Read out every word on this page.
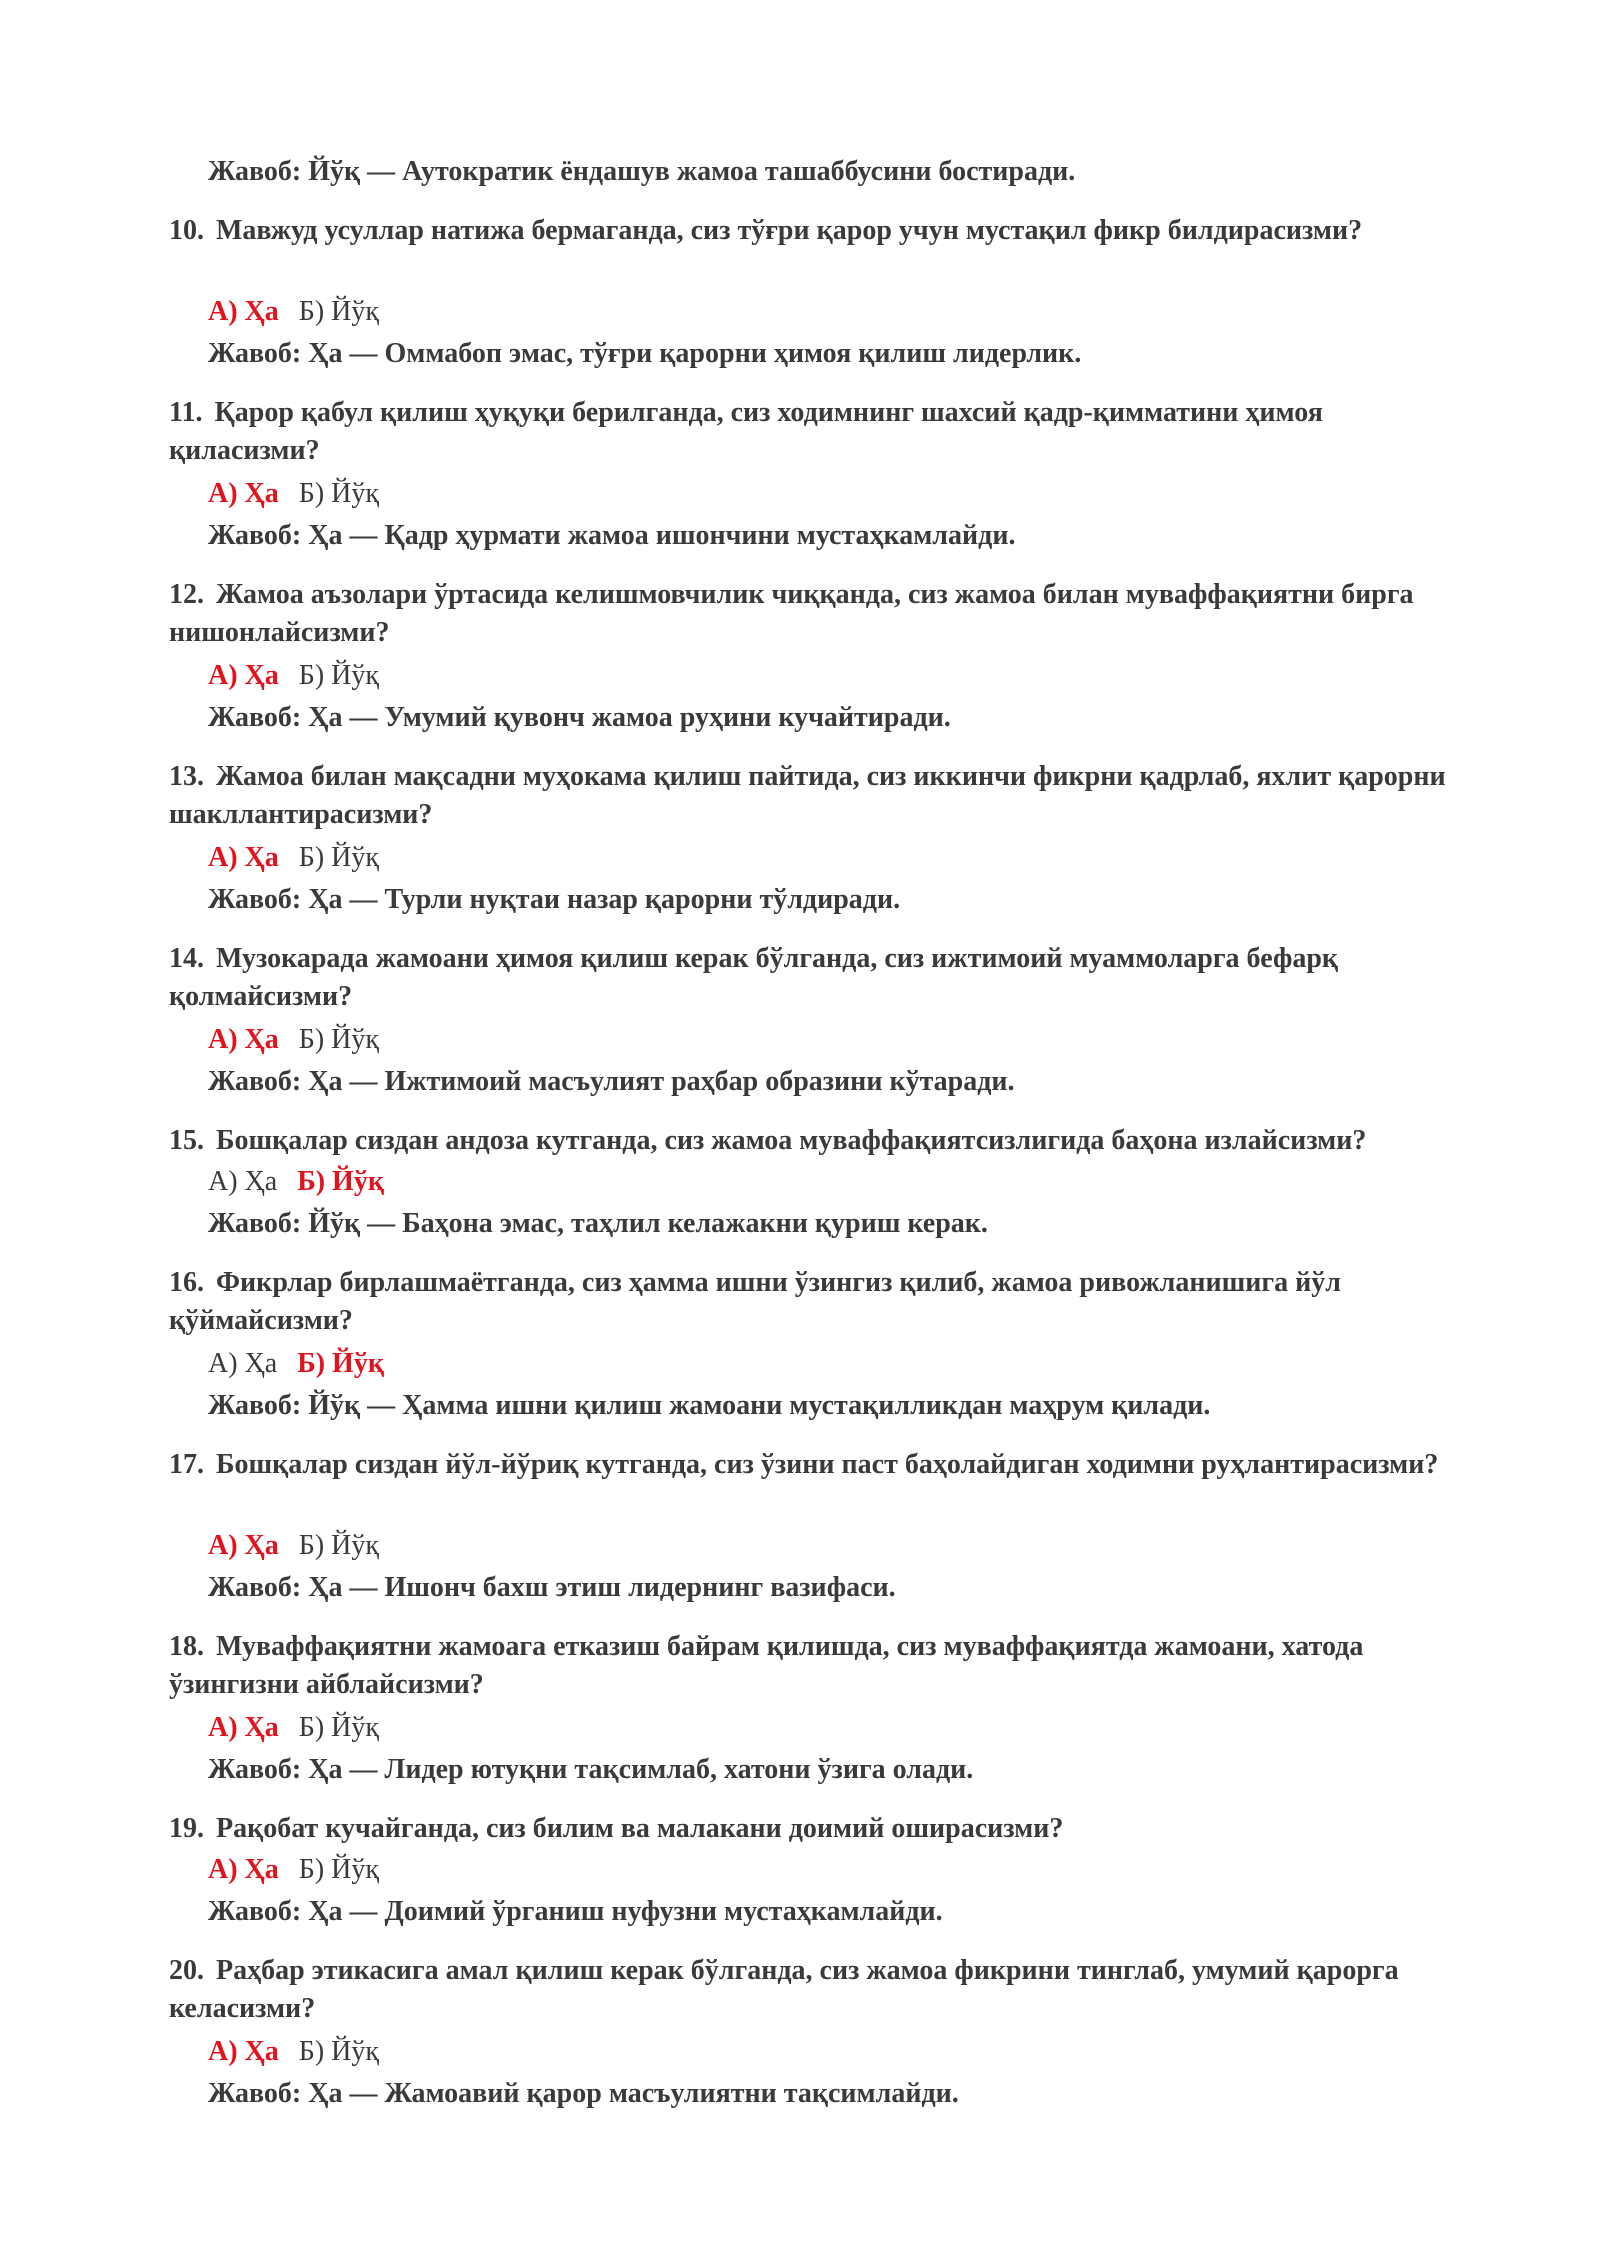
Жавоб: Йўқ — Аутократик ёндашув жамоа ташаббусини бостиради.
10. Мавжуд усуллар натижа бермаганда, сиз тўғри қарор учун мустақил фикр билдирасизми?
А) Ҳа Б) Йўқ
Жавоб: Ҳа — Оммабоп эмас, тўғри қарорни ҳимоя қилиш лидерлик.
11. Қарор қабул қилиш ҳуқуқи берилганда, сиз ходимнинг шахсий қадр-қимматини ҳимоя қиласизми?
А) Ҳа Б) Йўқ
Жавоб: Ҳа — Қадр ҳурмати жамоа ишончини мустаҳкамлайди.
12. Жамоа аъзолари ўртасида келишмовчилик чиққанда, сиз жамоа билан муваффақиятни бирга нишонлайсизми?
А) Ҳа Б) Йўқ
Жавоб: Ҳа — Умумий қувонч жамоа руҳини кучайтиради.
13. Жамоа билан мақсадни муҳокама қилиш пайтида, сиз иккинчи фикрни қадрлаб, яхлит қарорни шакллантирасизми?
А) Ҳа Б) Йўқ
Жавоб: Ҳа — Турли нуқтаи назар қарорни тўлдиради.
14. Музокарада жамоани ҳимоя қилиш керак бўлганда, сиз ижтимоий муаммоларга бефарқ қолмайсизми?
А) Ҳа Б) Йўқ
Жавоб: Ҳа — Ижтимоий масъулият раҳбар образини кўтаради.
15. Бошқалар сиздан андоза кутганда, сиз жамоа муваффақиятсизлигида баҳона излайсизми?
А) Ҳа Б) Йўқ
Жавоб: Йўқ — Баҳона эмас, таҳлил келажакни қуриш керак.
16. Фикрлар бирлашмаётганда, сиз ҳамма ишни ўзингиз қилиб, жамоа ривожланишига йўл қўймайсизми?
А) Ҳа Б) Йўқ
Жавоб: Йўқ — Ҳамма ишни қилиш жамоани мустақилликдан маҳрум қилади.
17. Бошқалар сиздан йўл-йўриқ кутганда, сиз ўзини паст баҳолайдиган ходимни руҳлантирасизми?
А) Ҳа Б) Йўқ
Жавоб: Ҳа — Ишонч бахш этиш лидернинг вазифаси.
18. Муваффақиятни жамоага етказиш байрам қилишда, сиз муваффақиятда жамоани, хатода ўзингизни айблайсизми?
А) Ҳа Б) Йўқ
Жавоб: Ҳа — Лидер ютуқни тақсимлаб, хатони ўзига олади.
19. Рақобат кучайганда, сиз билим ва малакани доимий оширасизми?
А) Ҳа Б) Йўқ
Жавоб: Ҳа — Доимий ўрганиш нуфузни мустаҳкамлайди.
20. Раҳбар этикасига амал қилиш керак бўлганда, сиз жамоа фикрини тинглаб, умумий қарорга келасизми?
А) Ҳа Б) Йўқ
Жавоб: Ҳа — Жамоавий қарор масъулиятни тақсимлайди.
